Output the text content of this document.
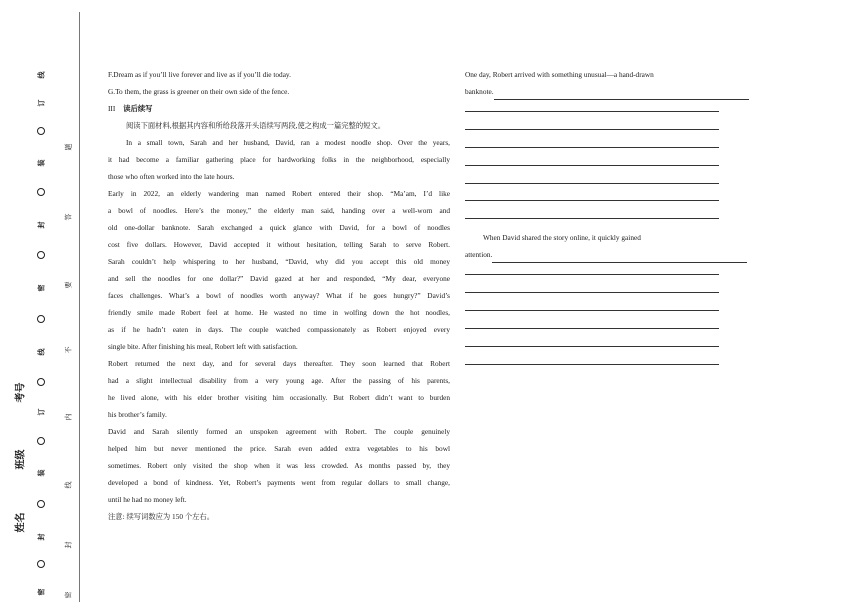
密
封
装
订
线
密
封
装
订
线
密
封
线
内
不
要
答
题
考号
班级
姓名

F.Dream as if you’ll live forever and live as if you’ll die today.

G.To them, the grass is greener on their own side of the fence.

III 读后续写

阅读下面材料,根据其内容和所给段落开头语续写两段,使之构成一篇完整的短文。

In a small town, Sarah and her husband, David, ran a modest noodle shop. Over the years,

it had become a familiar gathering place for hardworking folks in the neighborhood, especially

those who often worked into the late hours.

Early in 2022, an elderly wandering man named Robert entered their shop. “Ma’am, I’d like

a bowl of noodles. Here’s the money,” the elderly man said, handing over a well-worn and

old one-dollar banknote. Sarah exchanged a quick glance with David, for a bowl of noodles

cost five dollars. However, David accepted it without hesitation, telling Sarah to serve Robert.

Sarah couldn’t help whispering to her husband, “David, why did you accept this old money

and sell the noodles for one dollar?” David gazed at her and responded, “My dear, everyone

faces challenges. What’s a bowl of noodles worth anyway? What if he goes hungry?” David’s

friendly smile made Robert feel at home. He wasted no time in wolfing down the hot noodles,

as if he hadn’t eaten in days. The couple watched compassionately as Robert enjoyed every

single bite. After finishing his meal, Robert left with satisfaction.

Robert returned the next day, and for several days thereafter. They soon learned that Robert

had a slight intellectual disability from a very young age. After the passing of his parents,

he lived alone, with his elder brother visiting him occasionally. But Robert didn’t want to burden

his brother’s family.

David and Sarah silently formed an unspoken agreement with Robert. The couple genuinely

helped him but never mentioned the price. Sarah even added extra vegetables to his bowl

sometimes. Robert only visited the shop when it was less crowded. As months passed by, they

developed a bond of kindness. Yet, Robert’s payments went from regular dollars to small change,

until he had no money left.

注意: 续写词数应为 150 个左右。

One day, Robert arrived with something unusual—a hand-drawn

banknote.

When David shared the story online, it quickly gained

attention.
